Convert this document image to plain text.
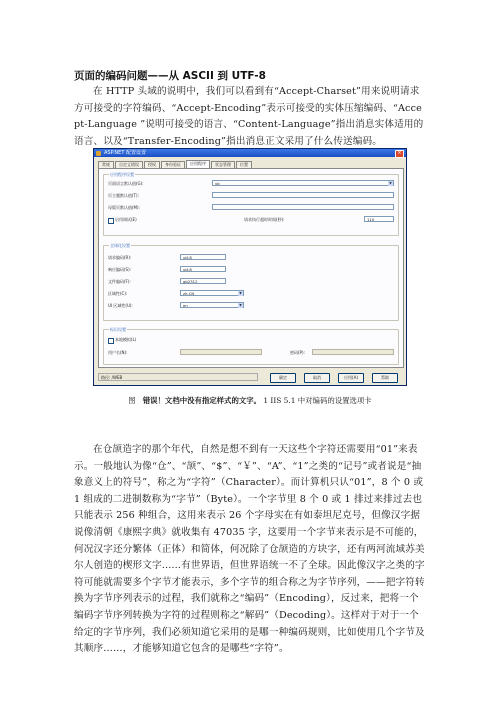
页面的编码问题——从 ASCII 到 UTF-8
在 HTTP 头域的说明中，我们可以看到有“Accept-Charset”用来说明请求方可接受的字符编码、“Accept-Encoding”表示可接受的实体压缩编码、“Accept-Language ”说明可接受的语言、“Content-Language”指出消息实体适用的语言、以及“Transfer-Encoding”指出消息正文采用了什么传送编码。
ASP.NET 配置设置	×
常规	自定义错误	授权	身份验证	应用程序	状态管理	位置
应用程序设置
页面语言默认值(G):	vb	▼
页主题默认值(T):
母版页默认值(M):
启用调试(E)	请求执行超时时间(秒):	110
全球化设置
请求编码(R):	utf-8
响应编码(S):	utf-8
文件编码(F):	gb2312
区域性(C):	zh-CN	▼
UI 区域性(U):	en	▼
标识设置
本地模拟(L)
用户名(N):	密码(P):
路径: /WEB	确定	取消	应用(A)	帮助
图 错误！文档中没有指定样式的文字。 1 IIS 5.1 中对编码的设置选项卡
在仓颉造字的那个年代，自然是想不到有一天这些个字符还需要用“01”来表示。一般地认为像“仓”、“颉”、“$”、“￥”、“A”、“1”之类的“记号”或者说是“抽象意义上的符号”，称之为“字符”（Character）。而计算机只认“01”，8 个 0 或 1 组成的二进制数称为“字节”（Byte）。一个字节里 8 个 0 或 1 排过来排过去也只能表示 256 种组合，这用来表示 26 个字母实在有如泰坦尼克号，但像汉字据说像清朝《康熙字典》就收集有 47035 字，这要用一个字节来表示是不可能的，何况汉字还分繁体（正体）和简体，何况除了仓颉造的方块字，还有两河流域苏美尔人创造的楔形文字……有世界语，但世界语统一不了全球。因此像汉字之类的字符可能就需要多个字节才能表示，多个字节的组合称之为字节序列，——把字符转换为字节序列表示的过程，我们就称之“编码”（Encoding），反过来，把将一个编码字节序列转换为字符的过程则称之“解码”（Decoding）。这样对于对于一个给定的字节序列，我们必须知道它采用的是哪一种编码规则，比如使用几个字节及其顺序……，才能够知道它包含的是哪些“字符”。
